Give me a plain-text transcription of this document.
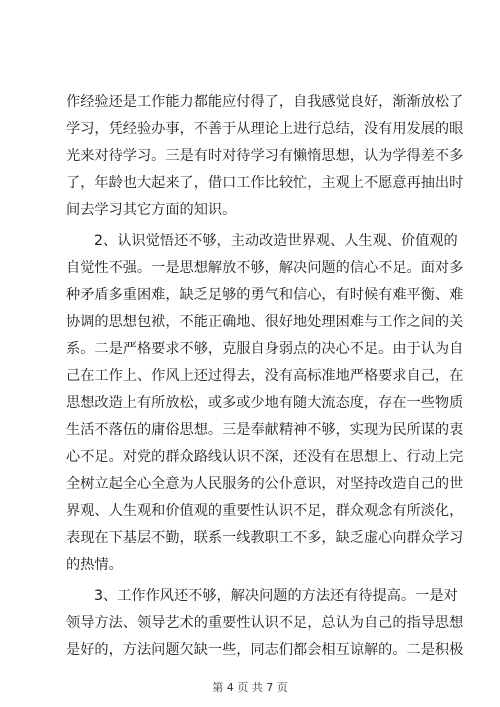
作经验还是工作能力都能应付得了，自我感觉良好，渐渐放松了
学习，凭经验办事，不善于从理论上进行总结，没有用发展的眼
光来对待学习。三是有时对待学习有懒惰思想，认为学得差不多
了，年龄也大起来了，借口工作比较忙，主观上不愿意再抽出时
间去学习其它方面的知识。
2、认识觉悟还不够，主动改造世界观、人生观、价值观的
自觉性不强。一是思想解放不够，解决问题的信心不足。面对多
种矛盾多重困难，缺乏足够的勇气和信心，有时候有难平衡、难
协调的思想包袱，不能正确地、很好地处理困难与工作之间的关
系。二是严格要求不够，克服自身弱点的决心不足。由于认为自
己在工作上、作风上还过得去，没有高标准地严格要求自己，在
思想改造上有所放松，或多或少地有随大流态度，存在一些物质
生活不落伍的庸俗思想。三是奉献精神不够，实现为民所谋的衷
心不足。对党的群众路线认识不深，还没有在思想上、行动上完
全树立起全心全意为人民服务的公仆意识，对坚持改造自己的世
界观、人生观和价值观的重要性认识不足，群众观念有所淡化，
表现在下基层不勤，联系一线教职工不多，缺乏虚心向群众学习
的热情。
3、工作作风还不够，解决问题的方法还有待提高。一是对
领导方法、领导艺术的重要性认识不足，总认为自己的指导思想
是好的，方法问题欠缺一些，同志们都会相互谅解的。二是积极
第 4 页 共 7 页
